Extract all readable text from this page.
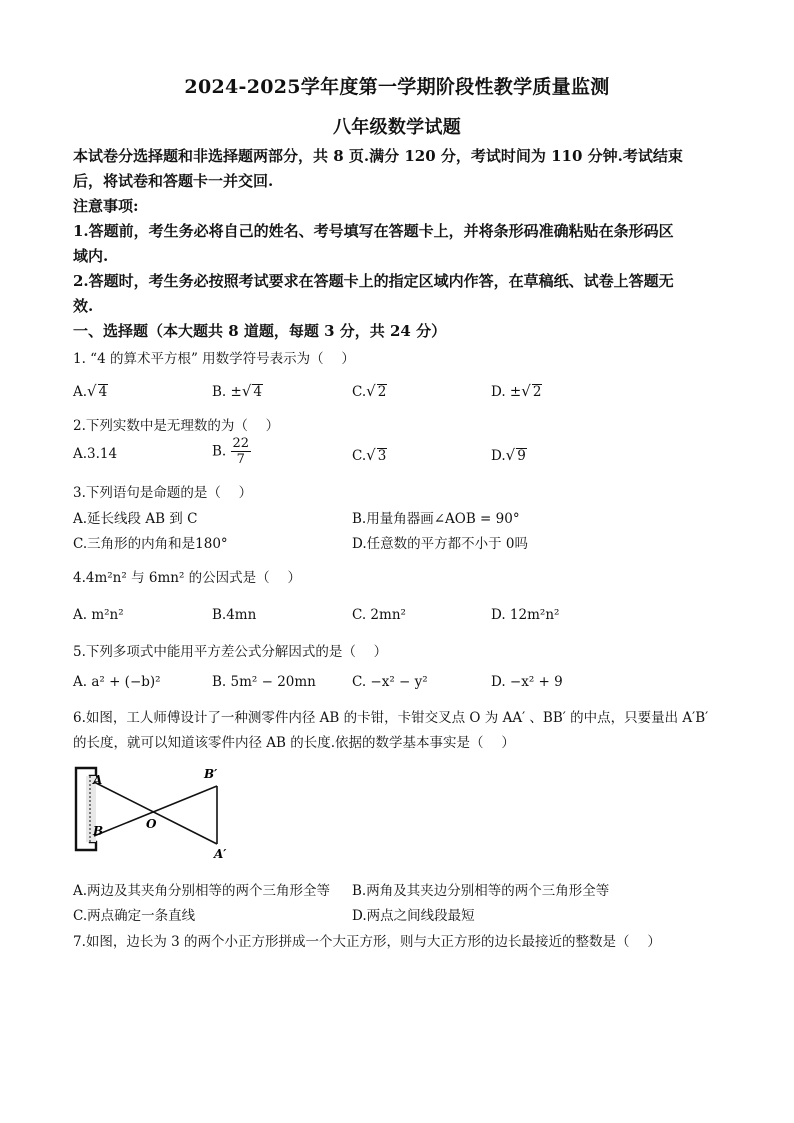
2024-2025学年度第一学期阶段性教学质量监测
八年级数学试题
本试卷分选择题和非选择题两部分，共 8 页.满分 120 分，考试时间为 110 分钟.考试结束
后，将试卷和答题卡一并交回.
注意事项:
1.答题前，考生务必将自己的姓名、考号填写在答题卡上，并将条形码准确粘贴在条形码区
域内.
2.答题时，考生务必按照考试要求在答题卡上的指定区域内作答，在草稿纸、试卷上答题无
效.
一、选择题（本大题共 8 道题，每题 3 分，共 24 分）
1. “4 的算术平方根” 用数学符号表示为（　 ）
A.√ 4	B. ±√ 4	C.√ 2	D. ±√ 2
2.下列实数中是无理数的为（　 ）
A.3.14	B. $\frac{22}{7}$	C.√ 3	D.√ 9
3.下列语句是命题的是（　 ）
A.延长线段 AB 到 C	B.用量角器画∠AOB = 90°
C.三角形的内角和是180°	D.任意数的平方都不小于 0吗
4.4m²n² 与 6mn² 的公因式是（　 ）
A. m²n²	B.4mn	C. 2mn²	D. 12m²n²
5.下列多项式中能用平方差公式分解因式的是（　 ）
A. a² + (−b)²	B. 5m² − 20mn	C. −x² − y²	D. −x² + 9
6.如图，工人师傅设计了一种测零件内径 AB 的卡钳，卡钳交叉点 O 为 AA′ 、BB′ 的中点，只要量出 A′B′
的长度，就可以知道该零件内径 AB 的长度.依据的数学基本事实是（　 ）
A
B	O
B′
A′
A.两边及其夹角分别相等的两个三角形全等 B.两角及其夹边分别相等的两个三角形全等
C.两点确定一条直线	D.两点之间线段最短
7.如图，边长为 3 的两个小正方形拼成一个大正方形，则与大正方形的边长最接近的整数是（　 ）
